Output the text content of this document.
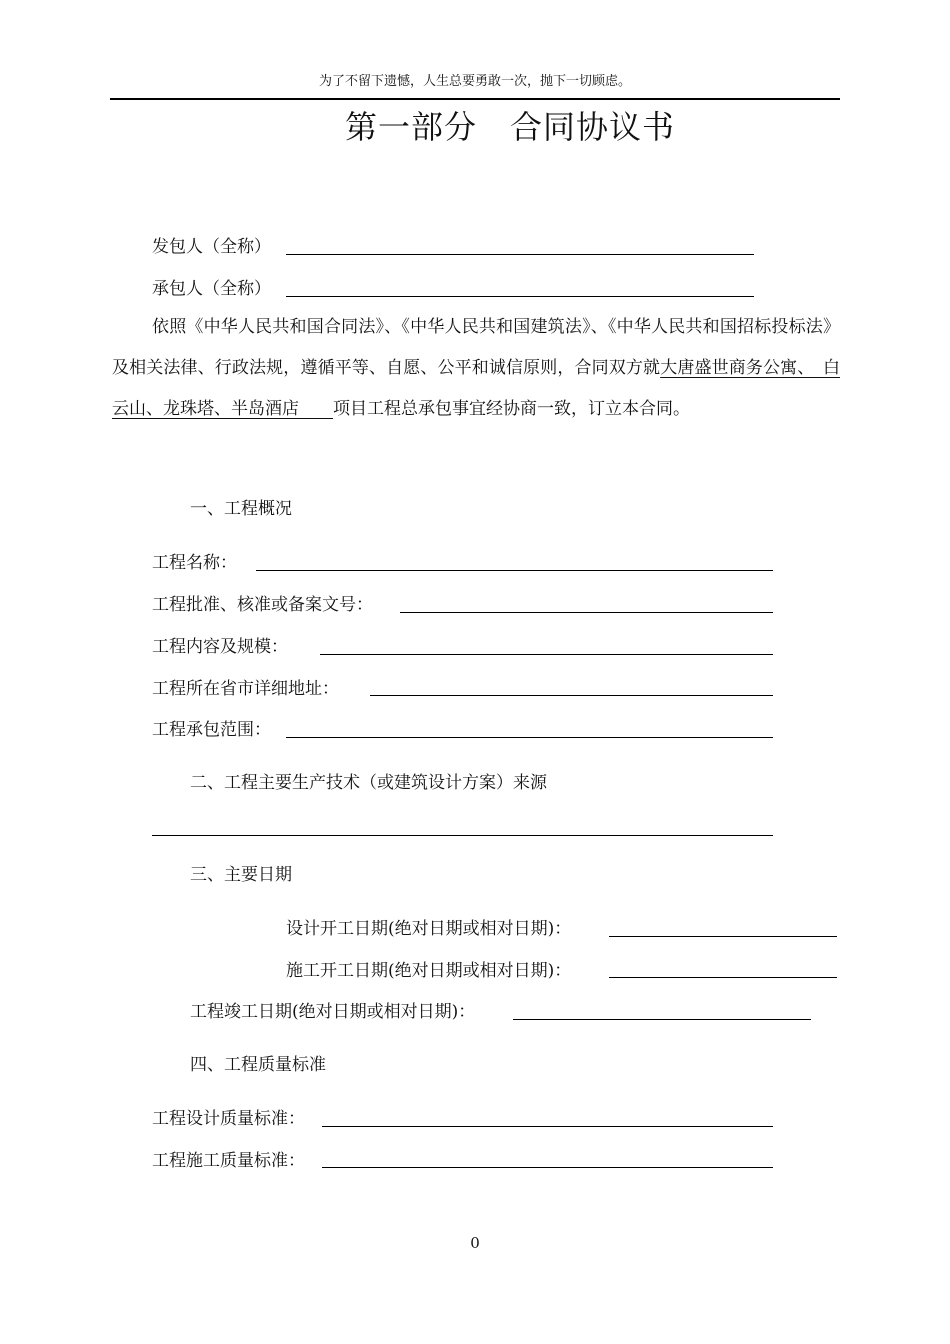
为了不留下遗憾，人生总要勇敢一次，抛下一切顾虑。
第一部分　合同协议书
发包人（全称）
承包人（全称）
依照《中华人民共和国合同法》、《中华人民共和国建筑法》、《中华人民共和国招标投标法》及相关法律、行政法规，遵循平等、自愿、公平和诚信原则，合同双方就大唐盛世商务公寓、　白云山、龙珠塔、半岛酒店　　项目工程总承包事宜经协商一致，订立本合同。
一、工程概况
工程名称：
工程批准、核准或备案文号：
工程内容及规模：
工程所在省市详细地址：
工程承包范围：
二、工程主要生产技术（或建筑设计方案）来源
三、主要日期
设计开工日期(绝对日期或相对日期)：
施工开工日期(绝对日期或相对日期)：
工程竣工日期(绝对日期或相对日期)：
四、工程质量标准
工程设计质量标准：
工程施工质量标准：
0
